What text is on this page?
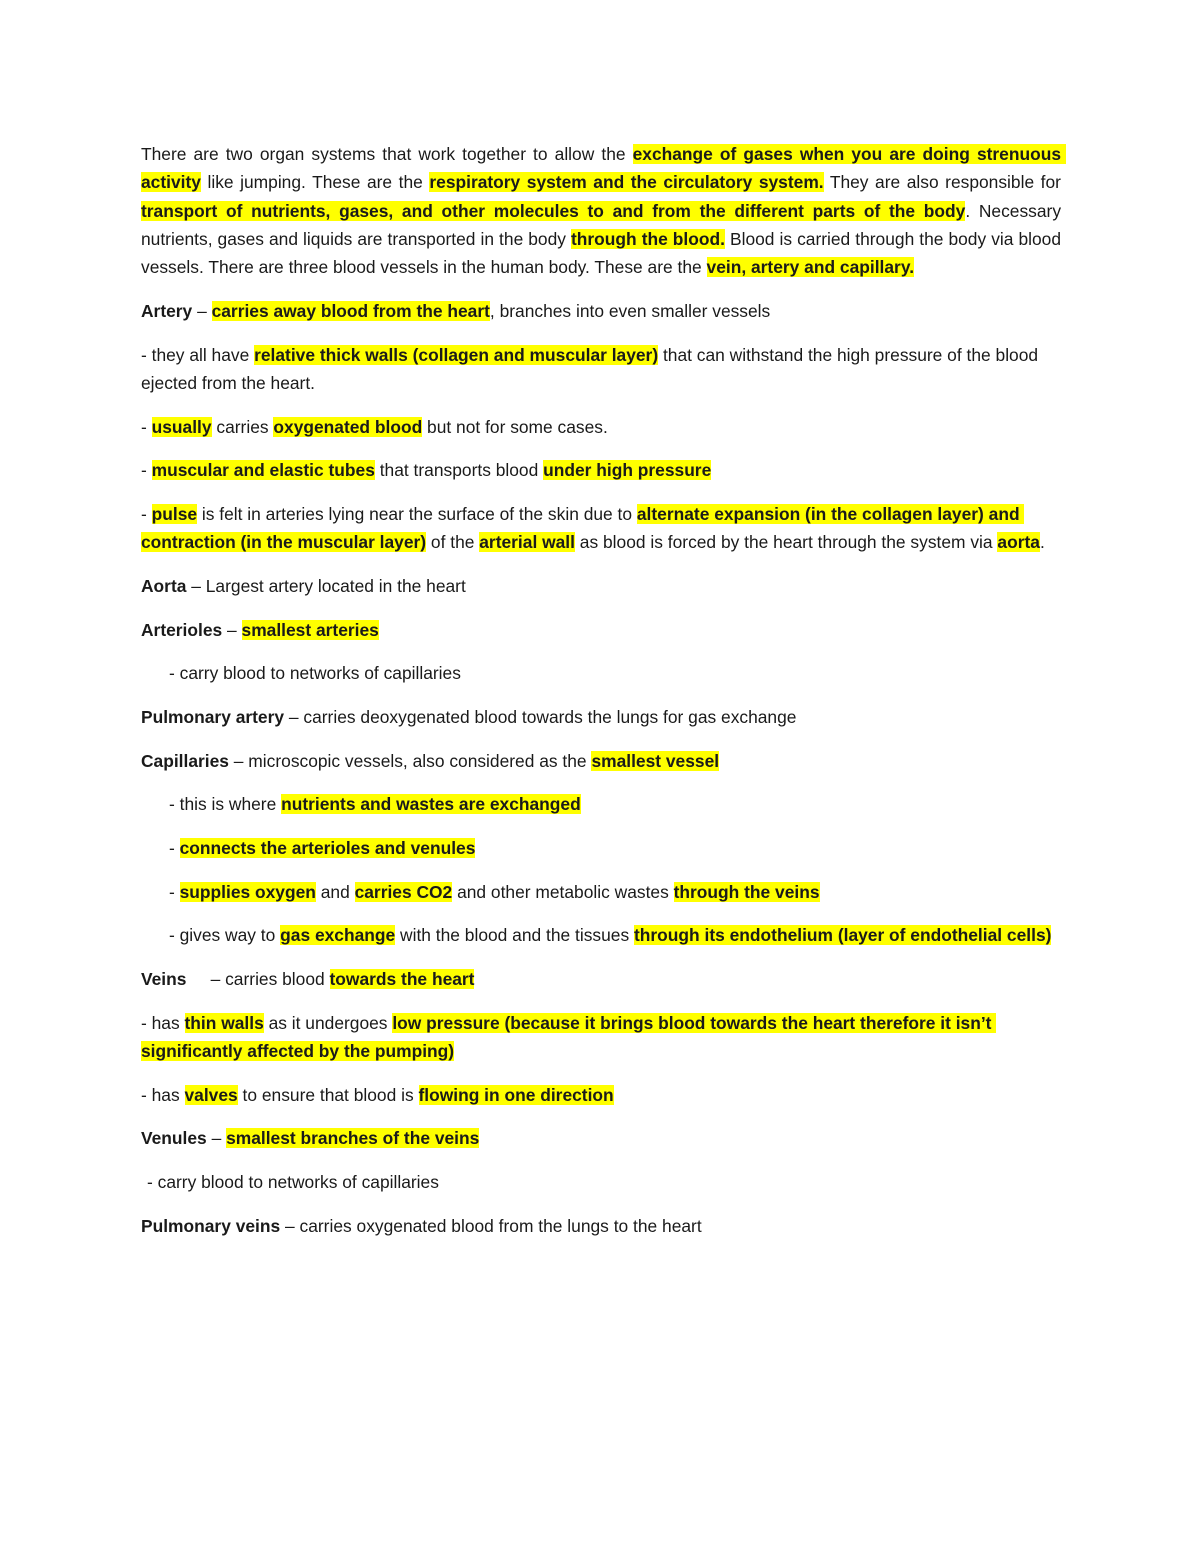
There are two organ systems that work together to allow the exchange of gases when you are doing strenuous activity like jumping. These are the respiratory system and the circulatory system. They are also responsible for transport of nutrients, gases, and other molecules to and from the different parts of the body. Necessary nutrients, gases and liquids are transported in the body through the blood. Blood is carried through the body via blood vessels. There are three blood vessels in the human body. These are the vein, artery and capillary.

Artery – carries away blood from the heart, branches into even smaller vessels

- they all have relative thick walls (collagen and muscular layer) that can withstand the high pressure of the blood ejected from the heart.

- usually carries oxygenated blood but not for some cases.

- muscular and elastic tubes that transports blood under high pressure

- pulse is felt in arteries lying near the surface of the skin due to alternate expansion (in the collagen layer) and contraction (in the muscular layer) of the arterial wall as blood is forced by the heart through the system via aorta.

Aorta – Largest artery located in the heart

Arterioles – smallest arteries

- carry blood to networks of capillaries

Pulmonary artery – carries deoxygenated blood towards the lungs for gas exchange

Capillaries – microscopic vessels, also considered as the smallest vessel

- this is where nutrients and wastes are exchanged

- connects the arterioles and venules

- supplies oxygen and carries CO2 and other metabolic wastes through the veins

- gives way to gas exchange with the blood and the tissues through its endothelium (layer of endothelial cells)

Veins     – carries blood towards the heart

- has thin walls as it undergoes low pressure (because it brings blood towards the heart therefore it isn’t significantly affected by the pumping)

- has valves to ensure that blood is flowing in one direction

Venules – smallest branches of the veins

- carry blood to networks of capillaries

Pulmonary veins – carries oxygenated blood from the lungs to the heart
